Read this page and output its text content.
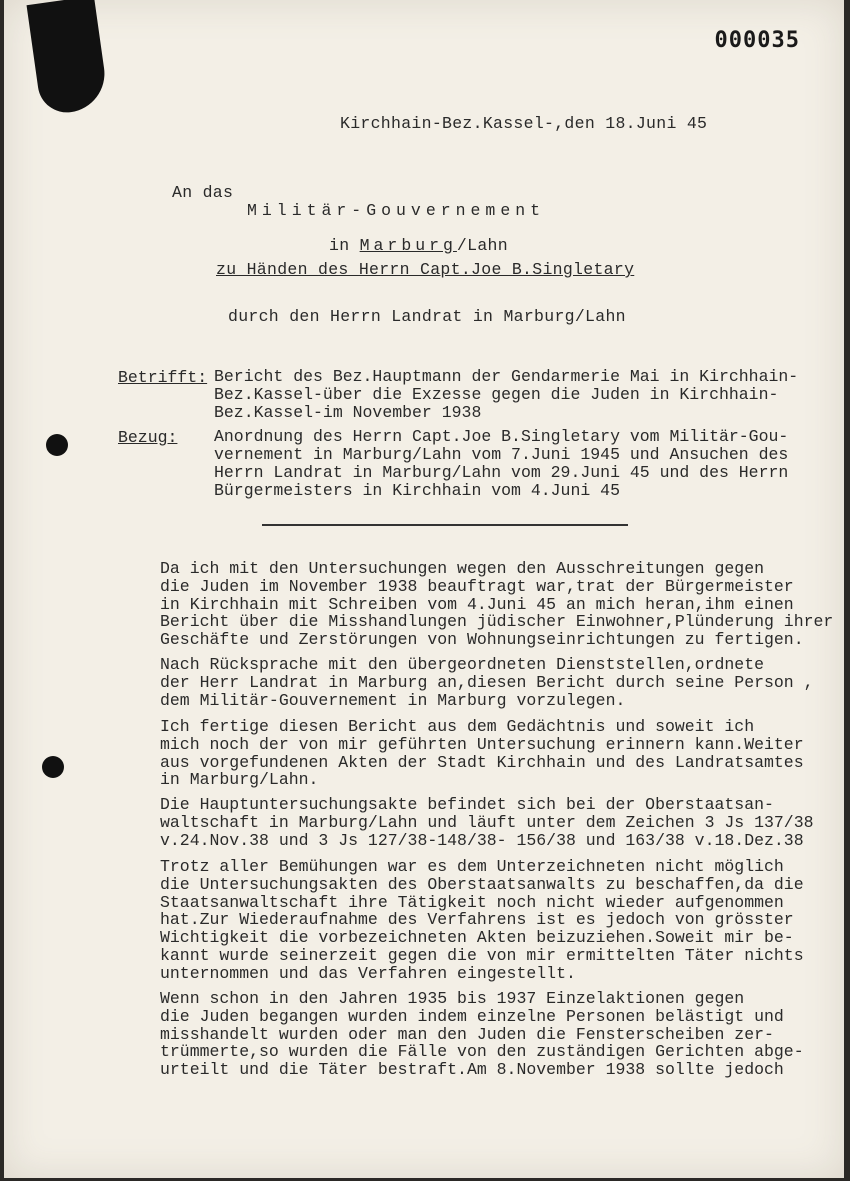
000035
Kirchhain-Bez.Kassel-,den 18.Juni 45
An das
Militär-Gouvernement
in Marburg/Lahn
zu Händen des Herrn Capt.Joe B.Singletary
durch den Herrn Landrat in Marburg/Lahn
Betrifft: Bericht des Bez.Hauptmann der Gendarmerie Mai in Kirchhain-
Bez.Kassel-über die Exzesse gegen die Juden in Kirchhain-
Bez.Kassel-im November 1938
Bezug: Anordnung des Herrn Capt.Joe B.Singletary vom Militär-Gou-
vernement in Marburg/Lahn vom 7.Juni 1945 und Ansuchen des
Herrn Landrat in Marburg/Lahn vom 29.Juni 45 und des Herrn
Bürgermeisters in Kirchhain vom 4.Juni 45
Da ich mit den Untersuchungen wegen den Ausschreitungen gegen
die Juden im November 1938 beauftragt war,trat der Bürgermeister
in Kirchhain mit Schreiben vom 4.Juni 45 an mich heran,ihm einen
Bericht über die Misshandlungen jüdischer Einwohner,Plünderung ihrer
Geschäfte und Zerstörungen von Wohnungseinrichtungen zu fertigen.
Nach Rücksprache mit den übergeordneten Dienststellen,ordnete
der Herr Landrat in Marburg an,diesen Bericht durch seine Person ,
dem Militär-Gouvernement in Marburg vorzulegen.
Ich fertige diesen Bericht aus dem Gedächtnis und soweit ich
mich noch der von mir geführten Untersuchung erinnern kann.Weiter
aus vorgefundenen Akten der Stadt Kirchhain und des Landratsamtes
in Marburg/Lahn.
Die Hauptuntersuchungsakte befindet sich bei der Oberstaatsan-
waltschaft in Marburg/Lahn und läuft unter dem Zeichen 3 Js 137/38
v.24.Nov.38 und 3 Js 127/38-148/38- 156/38 und 163/38 v.18.Dez.38
Trotz aller Bemühungen war es dem Unterzeichneten nicht möglich
die Untersuchungsakten des Oberstaatsanwalts zu beschaffen,da die
Staatsanwaltschaft ihre Tätigkeit noch nicht wieder aufgenommen
hat.Zur Wiederaufnahme des Verfahrens ist es jedoch von grösster
Wichtigkeit die vorbezeichneten Akten beizuziehen.Soweit mir be-
kannt wurde seinerzeit gegen die von mir ermittelten Täter nichts
unternommen und das Verfahren eingestellt.
Wenn schon in den Jahren 1935 bis 1937 Einzelaktionen gegen
die Juden begangen wurden indem einzelne Personen belästigt und
misshandelt wurden oder man den Juden die Fensterscheiben zer-
trümmerte,so wurden die Fälle von den zuständigen Gerichten abge-
urteilt und die Täter bestraft.Am 8.November 1938 sollte jedoch
